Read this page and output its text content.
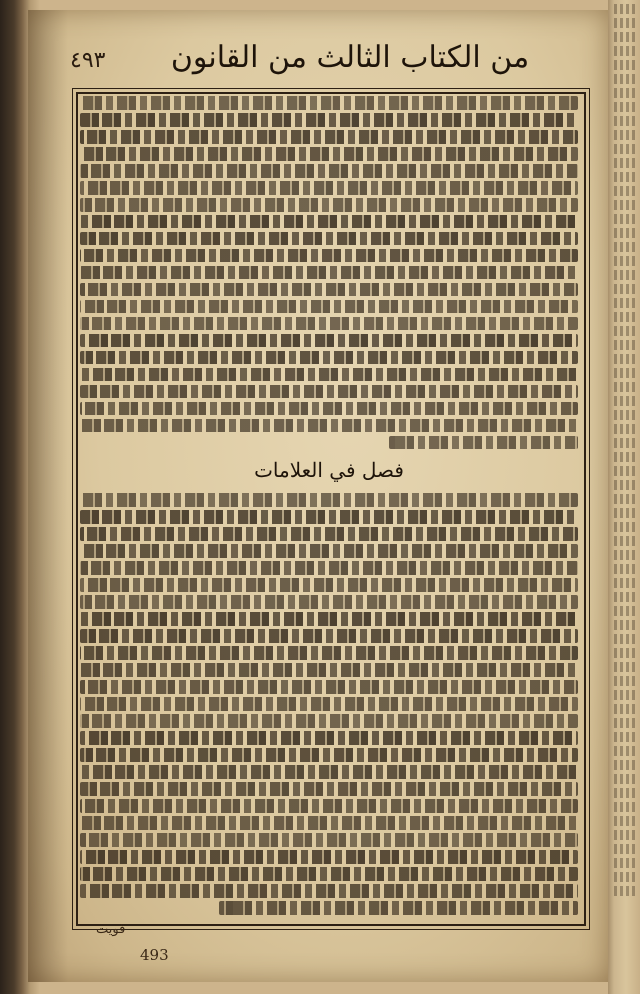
٤٩٣	من الكتاب الثالث من القانون
فصل في العلامات
قويت
493
